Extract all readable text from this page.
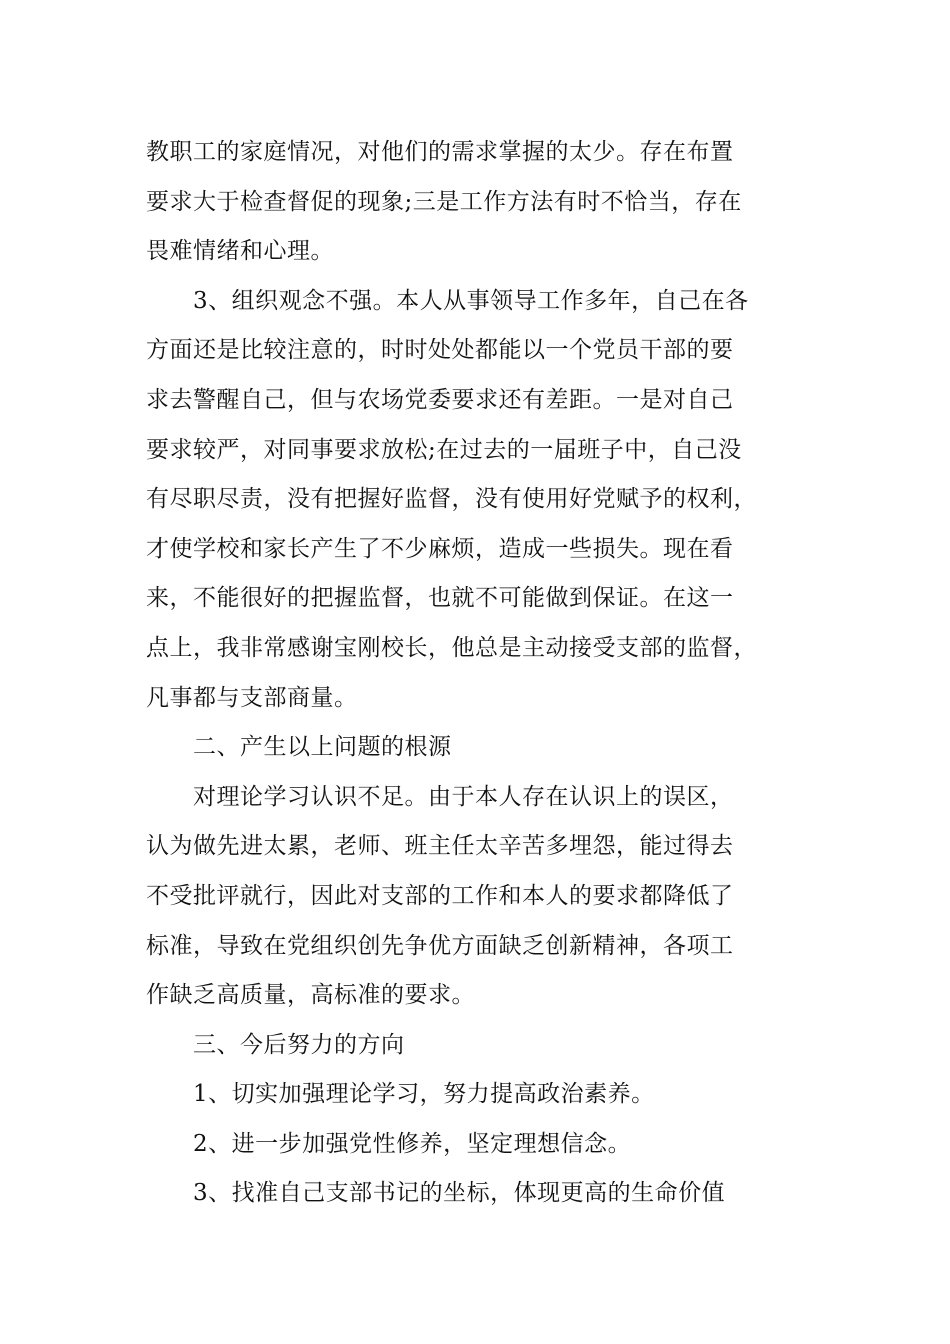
教职工的家庭情况，对他们的需求掌握的太少。存在布置
要求大于检查督促的现象;三是工作方法有时不恰当，存在
畏难情绪和心理。
3、组织观念不强。本人从事领导工作多年，自己在各
方面还是比较注意的，时时处处都能以一个党员干部的要
求去警醒自己，但与农场党委要求还有差距。一是对自己
要求较严，对同事要求放松;在过去的一届班子中，自己没
有尽职尽责，没有把握好监督，没有使用好党赋予的权利，
才使学校和家长产生了不少麻烦，造成一些损失。现在看
来，不能很好的把握监督，也就不可能做到保证。在这一
点上，我非常感谢宝刚校长，他总是主动接受支部的监督，
凡事都与支部商量。
二、产生以上问题的根源
对理论学习认识不足。由于本人存在认识上的误区，
认为做先进太累，老师、班主任太辛苦多埋怨，能过得去
不受批评就行，因此对支部的工作和本人的要求都降低了
标准，导致在党组织创先争优方面缺乏创新精神，各项工
作缺乏高质量，高标准的要求。
三、今后努力的方向
1、切实加强理论学习，努力提高政治素养。
2、进一步加强党性修养，坚定理想信念。
3、找准自己支部书记的坐标，体现更高的生命价值
